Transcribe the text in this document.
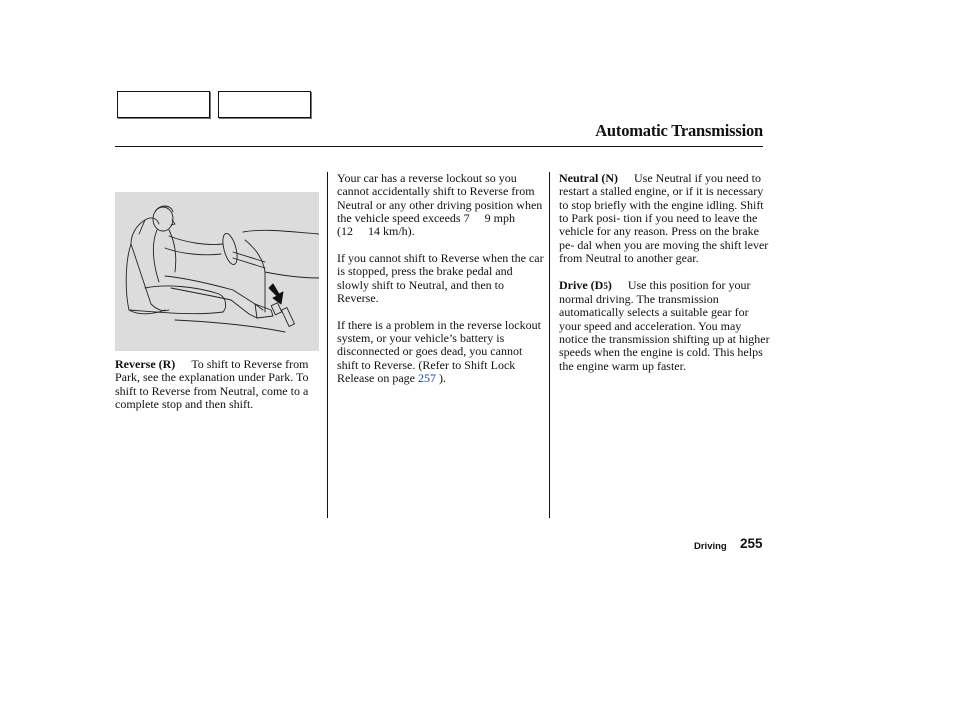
Automatic Transmission

Reverse (R) To shift to Reverse from Park, see the explanation under Park. To shift to Reverse from Neutral, come to a complete stop and then shift.

Your car has a reverse lockout so you cannot accidentally shift to Reverse from Neutral or any other driving position when the vehicle speed exceeds 7     9 mph (12     14 km/h).

If you cannot shift to Reverse when the car is stopped, press the brake pedal and slowly shift to Neutral, and then to Reverse.

If there is a problem in the reverse lockout system, or your vehicle’s battery is disconnected or goes dead, you cannot shift to Reverse. (Refer to Shift Lock Release on page 257 ).

Neutral (N) Use Neutral if you need to restart a stalled engine, or if it is necessary to stop briefly with the engine idling. Shift to Park posi- tion if you need to leave the vehicle for any reason. Press on the brake pe- dal when you are moving the shift lever from Neutral to another gear.

Drive (D5) Use this position for your normal driving. The transmission automatically selects a suitable gear for your speed and acceleration. You may notice the transmission shifting up at higher speeds when the engine is cold. This helps the engine warm up faster.

Driving 255
